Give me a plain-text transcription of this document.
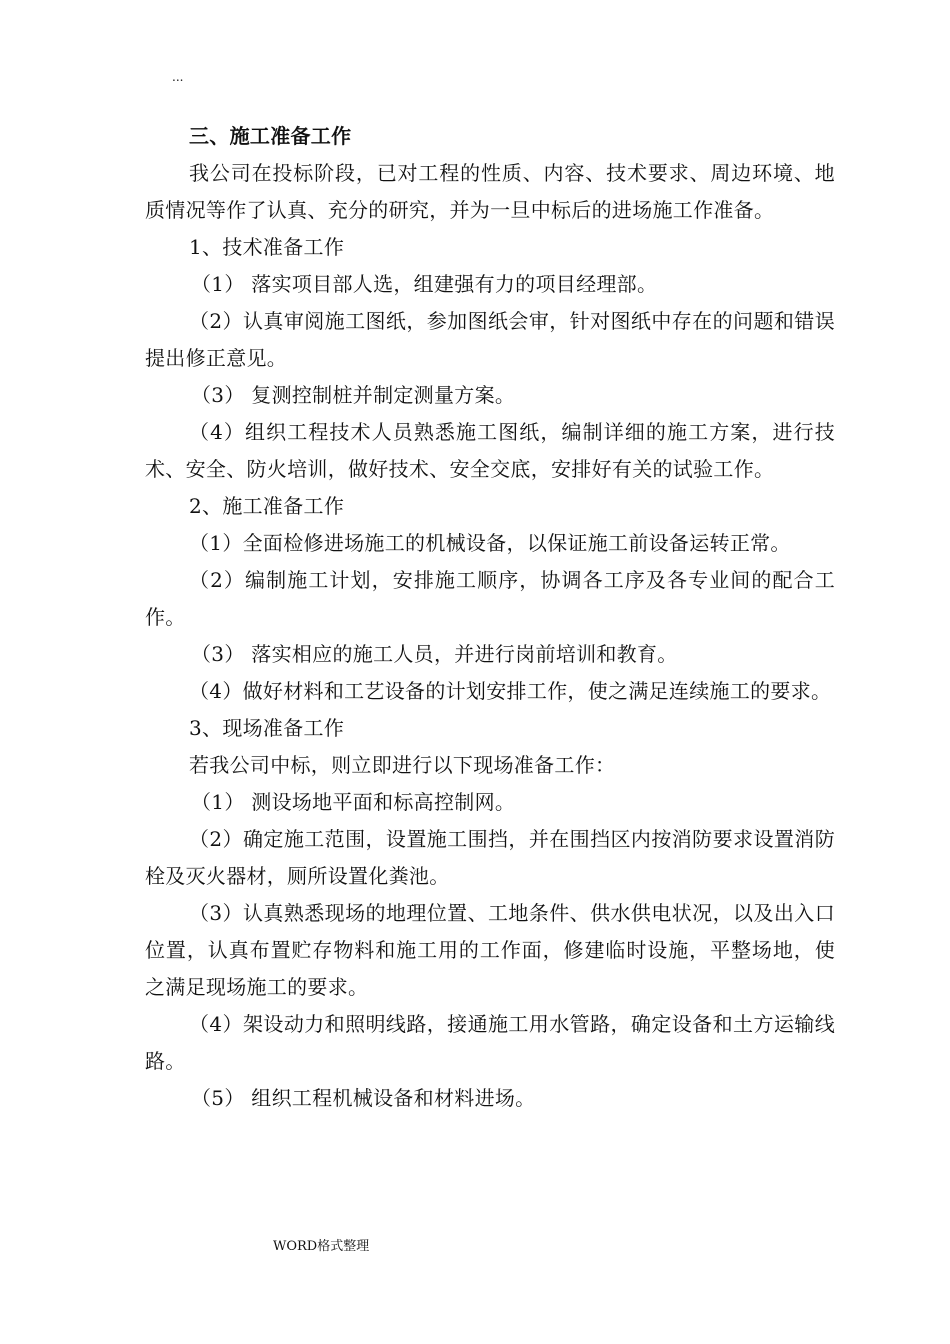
...

三、施工准备工作

我公司在投标阶段，已对工程的性质、内容、技术要求、周边环境、地质情况等作了认真、充分的研究，并为一旦中标后的进场施工作准备。

1、技术准备工作

（1） 落实项目部人选，组建强有力的项目经理部。

（2）认真审阅施工图纸，参加图纸会审，针对图纸中存在的问题和错误提出修正意见。

（3） 复测控制桩并制定测量方案。

（4）组织工程技术人员熟悉施工图纸，编制详细的施工方案，进行技术、安全、防火培训，做好技术、安全交底，安排好有关的试验工作。

2、施工准备工作

（1）全面检修进场施工的机械设备，以保证施工前设备运转正常。

（2）编制施工计划，安排施工顺序，协调各工序及各专业间的配合工作。

（3） 落实相应的施工人员，并进行岗前培训和教育。

（4）做好材料和工艺设备的计划安排工作，使之满足连续施工的要求。

3、现场准备工作

若我公司中标，则立即进行以下现场准备工作：

（1） 测设场地平面和标高控制网。

（2）确定施工范围，设置施工围挡，并在围挡区内按消防要求设置消防栓及灭火器材，厕所设置化粪池。

（3）认真熟悉现场的地理位置、工地条件、供水供电状况，以及出入口位置，认真布置贮存物料和施工用的工作面，修建临时设施，平整场地，使之满足现场施工的要求。

（4）架设动力和照明线路，接通施工用水管路，确定设备和土方运输线路。

（5） 组织工程机械设备和材料进场。

WORD格式整理
